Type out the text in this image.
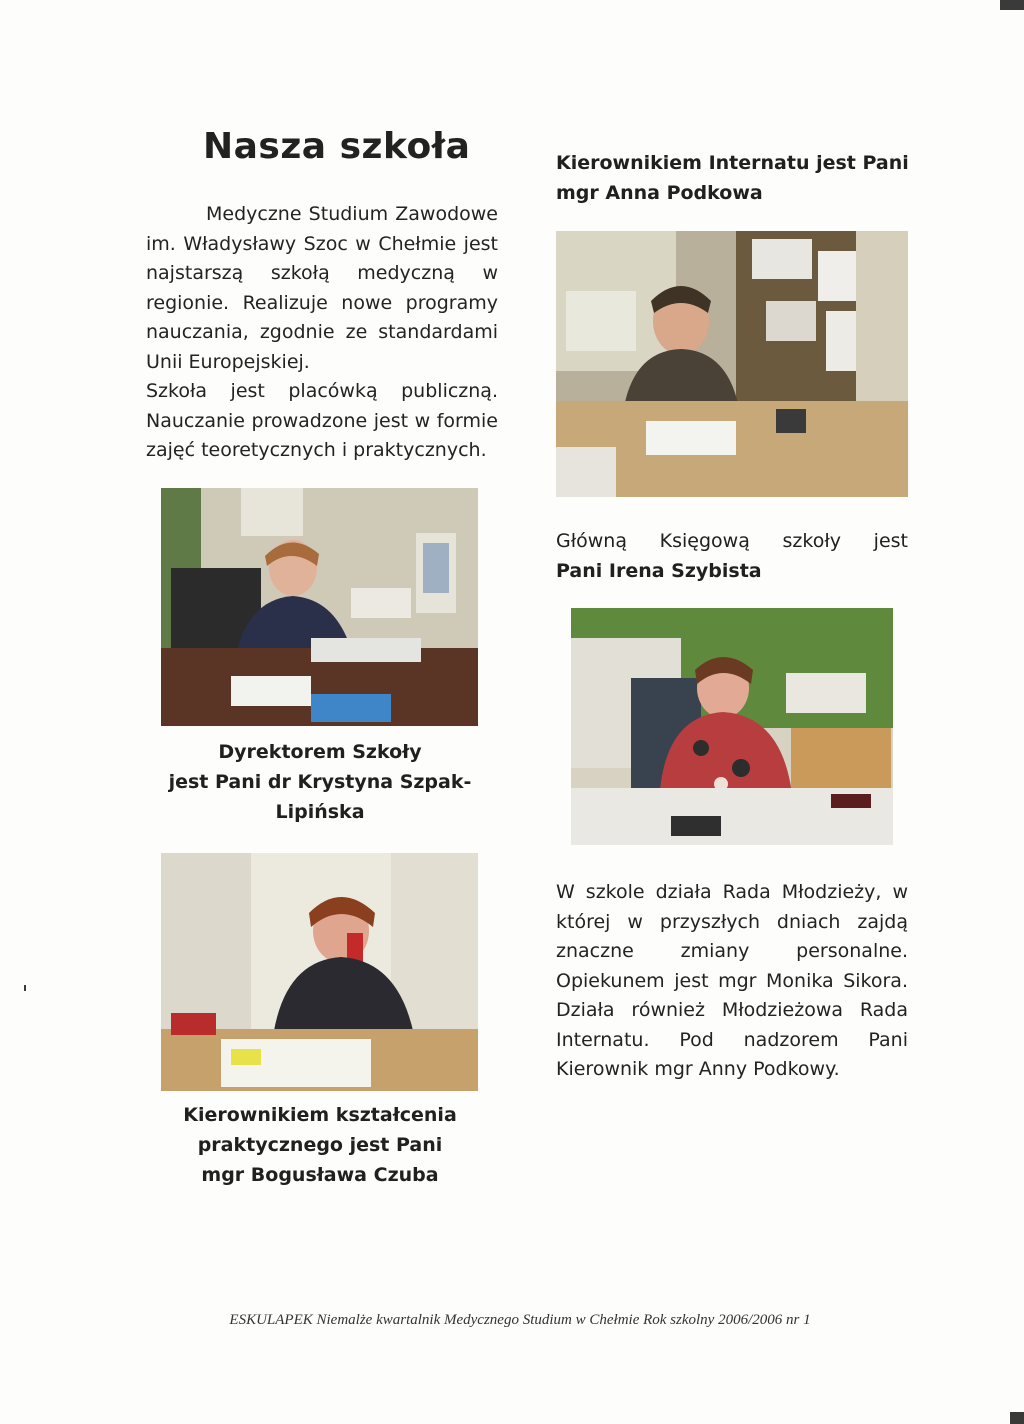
Nasza szkoła

Medyczne Studium Zawodowe im. Władysławy Szoc w Chełmie jest najstarszą szkołą medyczną w regionie. Realizuje nowe programy nauczania, zgodnie ze standardami Unii Europejskiej.

Szkoła jest placówką publiczną. Nauczanie prowadzone jest w formie zajęć teoretycznych i praktycznych.

Kierownikiem Internatu jest Pani
mgr Anna Podkowa
Główną Księgową szkoły jest
Pani Irena Szybista
Dyrektorem Szkoły
jest Pani dr Krystyna Szpak-
Lipińska
Kierownikiem kształcenia
praktycznego jest Pani
mgr Bogusława Czuba
W szkole działa Rada Młodzieży, w której w przyszłych dniach zajdą znaczne zmiany personalne. Opiekunem jest mgr Monika Sikora. Działa również Młodzieżowa Rada Internatu. Pod nadzorem Pani Kierownik mgr Anny Podkowy.
ESKULAPEK Niemalże kwartalnik Medycznego Studium w Chełmie Rok szkolny 2006/2006 nr 1
